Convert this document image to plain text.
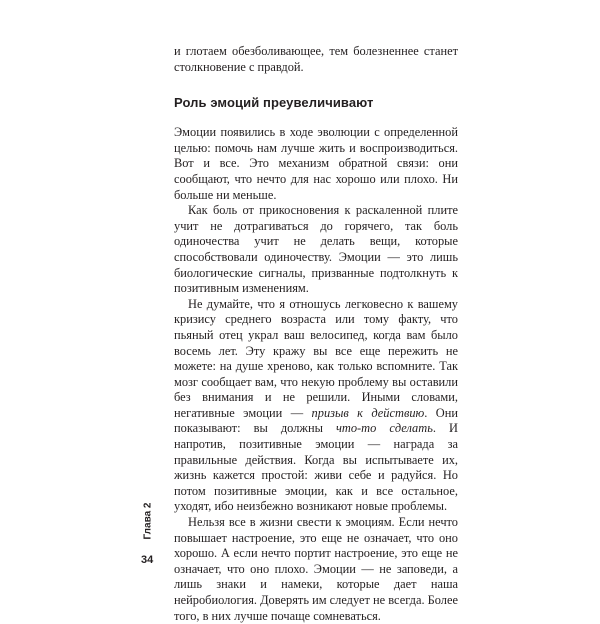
и глотаем обезболивающее, тем болезненнее станет столкновение с правдой.

Роль эмоций преувеличивают

Эмоции появились в ходе эволюции с определенной целью: помочь нам лучше жить и воспроизводиться. Вот и все. Это механизм обратной связи: они сообщают, что нечто для нас хорошо или плохо. Ни больше ни меньше.

Как боль от прикосновения к раскаленной плите учит не дотрагиваться до горячего, так боль одиночества учит не делать вещи, которые способствовали одиночеству. Эмоции — это лишь биологические сигналы, призванные подтолкнуть к позитивным изменениям.

Не думайте, что я отношусь легковесно к вашему кризису среднего возраста или тому факту, что пьяный отец украл ваш велосипед, когда вам было восемь лет. Эту кражу вы все еще пережить не можете: на душе хреново, как только вспомните. Так мозг сообщает вам, что некую проблему вы оставили без внимания и не решили. Иными словами, негативные эмоции — призыв к действию. Они показывают: вы должны что-то сделать. И напротив, позитивные эмоции — награда за правильные действия. Когда вы испытываете их, жизнь кажется простой: живи себе и радуйся. Но потом позитивные эмоции, как и все остальное, уходят, ибо неизбежно возникают новые проблемы.

Нельзя все в жизни свести к эмоциям. Если нечто повышает настроение, это еще не означает, что оно хорошо. А если нечто портит настроение, это еще не означает, что оно плохо. Эмоции — не заповеди, а лишь знаки и намеки, которые дает наша нейробиология. Доверять им следует не всегда. Более того, в них лучше почаще сомневаться.

Глава 2
34
